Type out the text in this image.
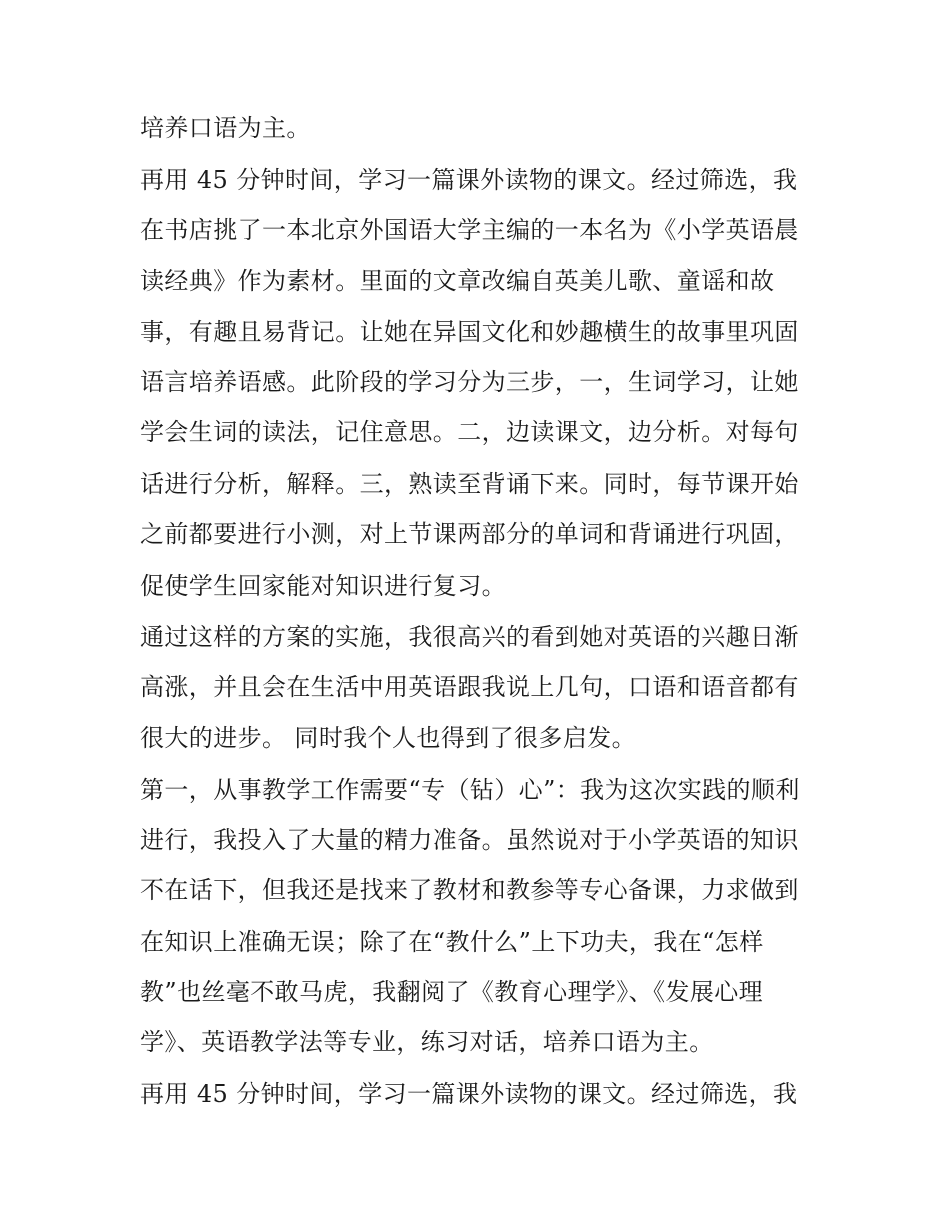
培养口语为主。
再用 45 分钟时间，学习一篇课外读物的课文。经过筛选，我
在书店挑了一本北京外国语大学主编的一本名为《小学英语晨
读经典》作为素材。里面的文章改编自英美儿歌、童谣和故
事，有趣且易背记。让她在异国文化和妙趣横生的故事里巩固
语言培养语感。此阶段的学习分为三步，一，生词学习，让她
学会生词的读法，记住意思。二，边读课文，边分析。对每句
话进行分析，解释。三，熟读至背诵下来。同时，每节课开始
之前都要进行小测，对上节课两部分的单词和背诵进行巩固，
促使学生回家能对知识进行复习。
通过这样的方案的实施，我很高兴的看到她对英语的兴趣日渐
高涨，并且会在生活中用英语跟我说上几句，口语和语音都有
很大的进步。 同时我个人也得到了很多启发。
第一，从事教学工作需要“专（钻）心”：我为这次实践的顺利
进行，我投入了大量的精力准备。虽然说对于小学英语的知识
不在话下，但我还是找来了教材和教参等专心备课，力求做到
在知识上准确无误；除了在“教什么”上下功夫，我在“怎样
教”也丝毫不敢马虎，我翻阅了《教育心理学》、《发展心理
学》、英语教学法等专业，练习对话，培养口语为主。
再用 45 分钟时间，学习一篇课外读物的课文。经过筛选，我
